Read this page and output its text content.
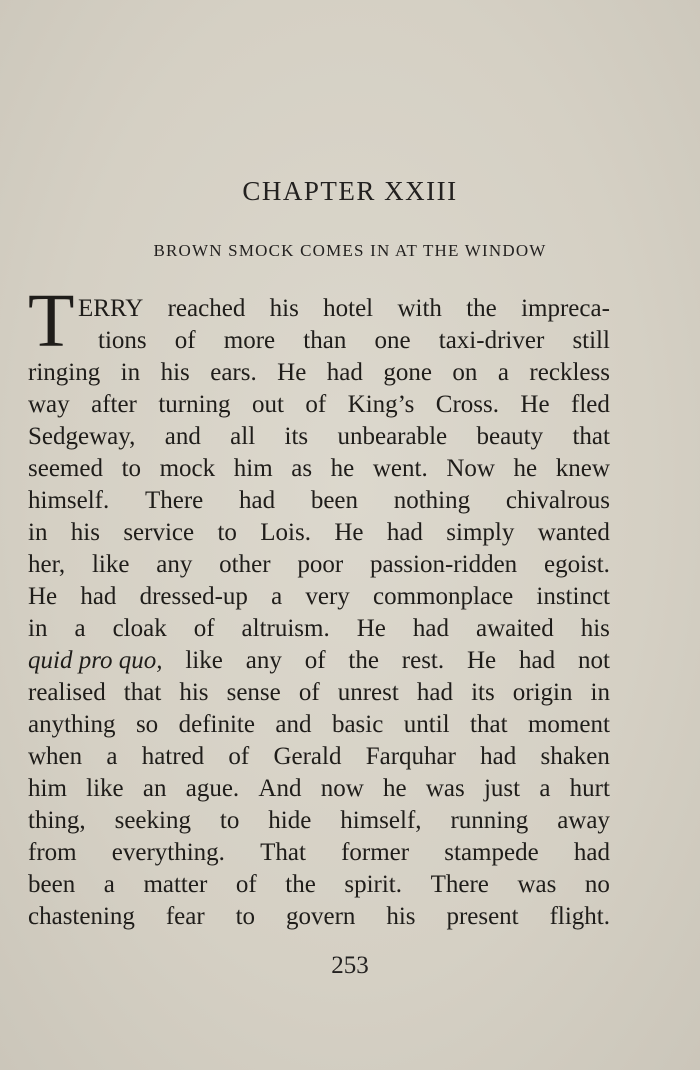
CHAPTER XXIII
BROWN SMOCK COMES IN AT THE WINDOW
T ERRY reached his hotel with the impreca-
tions of more than one taxi-driver still
ringing in his ears. He had gone on a reckless
way after turning out of King’s Cross. He fled
Sedgeway, and all its unbearable beauty that
seemed to mock him as he went. Now he knew
himself. There had been nothing chivalrous
in his service to Lois. He had simply wanted
her, like any other poor passion-ridden egoist.
He had dressed-up a very commonplace instinct
in a cloak of altruism. He had awaited his
quid pro quo, like any of the rest. He had not
realised that his sense of unrest had its origin in
anything so definite and basic until that moment
when a hatred of Gerald Farquhar had shaken
him like an ague. And now he was just a hurt
thing, seeking to hide himself, running away
from everything. That former stampede had
been a matter of the spirit. There was no
chastening fear to govern his present flight.
253
